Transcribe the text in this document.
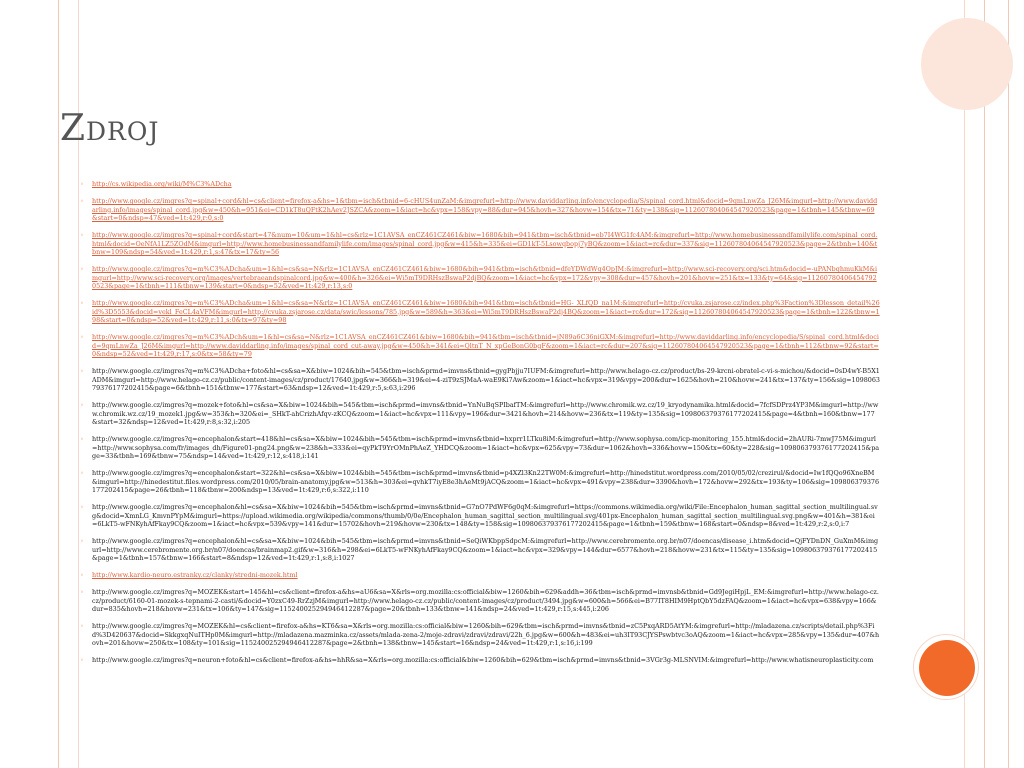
Zdroj
◦ http://cs.wikipedia.org/wiki/M%C3%ADcha
◦ http://www.google.cz/imgres?q=spinal+cord&hl=cs&client=firefox-a&hs=1&tbm=isch&tbnid=6-cHUS4unZaM:&imgrefurl=http://www.daviddarling.info/encyclopedia/S/spinal_cord.html&docid=9qmLnwZa_J26M&imgurl=http://www.daviddarling.info/images/spinal_cord.jpg&w=450&h=951&ei=CD1kT8uQFtK2hAev2JSZCA&zoom=1&iact=hc&vpx=158&vpy=88&dur=945&hovh=327&hovw=154&tx=71&ty=138&sig=112607804064547920523&page=1&tbnh=145&tbnw=69&start=0&ndsp=47&ved=1t:429,r:0,s:0
◦ http://www.google.cz/imgres?q=spinal+cord&start=47&num=10&um=1&hl=cs&rlz=1C1AVSA_enCZ461CZ461&biw=1680&bih=941&tbm=isch&tbnid=eb7I4WG1fc4AM:&imgrefurl=http://www.homebusinessandfamilylife.com/spinal_cord.html&docid=OeNfA1LZ5ZOdM&imgurl=http://www.homebusinessandfamilylife.com/images/spinal_cord.jpg&w=415&h=335&ei=GD1kT-5Lsowqbopj7yBQ&zoom=1&iact=rc&dur=337&sig=112607804064547920523&page=2&tbnh=140&tbnw=109&ndsp=54&ved=1t:429,r:1,s:47&tx=17&ty=56
◦ http://www.google.cz/imgres?q=m%C3%ADcha&um=1&hl=cs&sa=N&rlz=1C1AVSA_enCZ461CZ461&biw=1680&bih=941&tbm=isch&tbnid=dfeYDWdWq4OpJM:&imgrefurl=http://www.sci-recovery.org/sci.htm&docid=-uPANbqhmuKkM&imgurl=http://www.sci-recovery.org/images/vertebraeandspinalcord.jpg&w=400&h=326&ei=Wi5mT9DRHszBswaP2djBQ&zoom=1&iact=hc&vpx=172&vpy=308&dur=457&hovh=201&hovw=251&tx=133&ty=64&sig=112607804064547920523&page=1&tbnh=111&tbnw=139&start=0&ndsp=52&ved=1t:429,r:13,s:0
◦ http://www.google.cz/imgres?q=m%C3%ADcha&um=1&hl=cs&sa=N&rlz=1C1AVSA_enCZ461CZ461&biw=1680&bih=941&tbm=isch&tbnid=HG-_XLfQD_na1M:&imgrefurl=http://cvuka.zsjarose.cz/index.php%3Faction%3Dlesson_detail%26id%3D5553&docid=vekl_FeCL4aVFM&imgurl=http://cvuka.zsjarose.cz/data/swic/lessons/785.jpg&w=589&h=363&ei=Wi5mT9DRHszBswaP2dj4BQ&zoom=1&iact=rc&dur=172&sig=112607804064547920523&page=1&tbnh=122&tbnw=198&start=0&ndsp=52&ved=1t:429,r:11,s:0&tx=97&ty=98
◦ http://www.google.cz/imgres?q=m%C3%ADch&um=1&hl=cs&sa=N&rlz=1C1AVSA_enCZ461CZ461&biw=1680&bih=941&tbm=isch&tbnid=jN89a6C36niGXM:&imgrefurl=http://www.daviddarling.info/encyclopedia/S/spinal_cord.html&docid=9qmLnwZa_J26M&imgurl=http://www.daviddarling.info/images/spinal_cord_cut-away.jpg&w=450&h=341&ei=QltnT_N_xpGeBonG0bgF&zoom=1&iact=rc&dur=207&sig=112607804064547920523&page=1&tbnh=112&tbnw=92&start=0&ndsp=52&ved=1t:429,r:17,s:0&tx=58&ty=79
◦ http://www.google.cz/imgres?q=m%C3%ADcha+foto&hl=cs&sa=X&biw=1024&bih=545&tbm=isch&prmd=imvns&tbnid=gygPbjju7IUFM:&imgrefurl=http://www.helago-cz.cz/product/bs-29-krcni-obratel-c-vi-s-michou/&docid=0sD4wY-B5X1ADM&imgurl=http://www.helago-cz.cz/public/content-images/cz/product/17640.jpg&w=366&h=319&ei=4-ziT9zSJMaA-waE9Ki7Aw&zoom=1&iact=hc&vpx=319&vpy=200&dur=1625&hovh=210&hovw=241&tx=137&ty=156&sig=109806379376177202415&page=6&tbnh=151&tbnw=177&start=63&ndsp=12&ved=1t:429,r:5,s:63,i:296
◦ http://www.google.cz/imgres?q=mozek+foto&hl=cs&sa=X&biw=1024&bih=545&tbm=isch&prmd=imvns&tbnid=YnNuBqSPIbafTM:&imgrefurl=http://www.chromik.wz.cz/19_kryodynamika.html&docid=7fcfSDPrz4YP3M&imgurl=http://www.chromik.wz.cz/19_mozek1.jpg&w=353&h=320&ei=_SHkT-ahCrizhAfqv-zKCQ&zoom=1&iact=hc&vpx=111&vpy=196&dur=3421&hovh=214&hovw=236&tx=119&ty=135&sig=109806379376177202415&page=4&tbnh=160&tbnw=177&start=32&ndsp=12&ved=1t:429,r:8,s:32,i:205
◦ http://www.google.cz/imgres?q=encephalon&start=418&hl=cs&sa=X&biw=1024&bih=545&tbm=isch&prmd=imvns&tbnid=hxprr1LTku8iM:&imgrefurl=http://www.sophysa.com/icp-monitoring_155.html&docid=2hAURi-7mwJ75M&imgurl=http://www.sophysa.com/fr/images_dh/Figure01-png24.png&w=238&h=333&ei=qyPkT9YrOMnPhAeZ_YHDCQ&zoom=1&iact=hc&vpx=625&vpy=73&dur=1062&hovh=336&hovw=150&tx=60&ty=228&sig=109806379376177202415&page=33&tbnh=169&tbnw=75&ndsp=14&ved=1t:429,r:12,s:418,i:141
◦ http://www.google.cz/imgres?q=encephalon&start=322&hl=cs&sa=X&biw=1024&bih=545&tbm=isch&prmd=imvns&tbnid=p4XZl3Kn22TW0M:&imgrefurl=http://hinedstitut.wordpress.com/2010/05/02/crezirul/&docid=Iw1fQQo96XneBM&imgurl=http://hinedestitut.files.wordpress.com/2010/05/brain-anatomy.jpg&w=513&h=303&ei=qvhkT7iyE8e3hAeMt9jACQ&zoom=1&iact=hc&vpx=491&vpy=238&dur=3390&hovh=172&hovw=292&tx=193&ty=106&sig=109806379376177202415&page=26&tbnh=118&tbnw=200&ndsp=13&ved=1t:429,r:6,s:322,i:110
◦ http://www.google.cz/imgres?q=encephalon&hl=cs&sa=X&biw=1024&bih=545&tbm=isch&prmd=imvns&tbnid=G7nO7PdWF6g0qM:&imgrefurl=https://commons.wikimedia.org/wiki/File:Encephalon_human_sagittal_section_multilingual.svg&docid=XmnLG_KmvnPYpM&imgurl=https://upload.wikimedia.org/wikipedia/commons/thumb/0/0e/Encephalon_human_sagittal_section_multilingual.svg/401px-Encephalon_human_sagittal_section_multilingual.svg.png&w=401&h=381&ei=6LkT5-wFNKyhAfFkay9CQ&zoom=1&iact=hc&vpx=539&vpy=141&dur=15702&hovh=219&hovw=230&tx=148&ty=158&sig=109806379376177202415&page=1&tbnh=159&tbnw=168&start=0&ndsp=8&ved=1t:429,r:2,s:0,i:7
◦ http://www.google.cz/imgres?q=encephalon&hl=cs&sa=X&biw=1024&bih=545&tbm=isch&prmd=imvns&tbnid=SeQiWKbppSdpcM:&imgrefurl=http://www.cerebromente.org.br/n07/doencas/disease_i.htm&docid=QjFYDnDN_GuXmM&imgurl=http://www.cerebromente.org.br/n07/doencas/brainmap2.gif&w=316&h=298&ei=6LkT5-wFNKyhAfFkay9CQ&zoom=1&iact=hc&vpx=329&vpy=144&dur=6577&hovh=218&hovw=231&tx=115&ty=135&sig=109806379376177202415&page=1&tbnh=157&tbnw=166&start=8&ndsp=12&ved=1t:429,r:1,s:8,i:1027
◦ http://www.kardio-neuro.estranky.cz/clanky/stredni-mozek.html
◦ http://www.google.cz/imgres?q=MOZEK&start=145&hl=cs&client=firefox-a&hs=aU6&sa=X&rls=org.mozilla:cs:official&biw=1260&bih=629&addh=36&tbm=isch&prmd=imvnsb&tbnid=Gd9JegiHpjL_EM:&imgrefurl=http://www.helago-cz.cz/product/6160-01-mozek-s-tepnami-2-casti/&docid=Y0zxC49-RrZzjM&imgurl=http://www.helago-cz.cz/public/content-images/cz/product/3494.jpg&w=600&h=566&ei=B77IT8HIM9HptQbY5dzFAQ&zoom=1&iact=hc&vpx=638&vpy=166&dur=835&hovh=218&hovw=231&tx=106&ty=147&sig=115240025294946412287&page=20&tbnh=133&tbnw=141&ndsp=24&ved=1t:429,r:15,s:445,i:206
◦ http://www.google.cz/imgres?q=MOZEK&hl=cs&client=firefox-a&hs=KT6&sa=X&rls=org.mozilla:cs:official&biw=1260&bih=629&tbm=isch&prmd=imvns&tbnid=zC5PxqARD5AtYM:&imgrefurl=http://mladazena.cz/scripts/detail.php%3Fid%3D420637&docid=SkkgxqNuITHp0M&imgurl=http://mladazena.mazminka.cz/assets/mlada-zena-2/moje-zdravi/zdravi/zdravi/22h_6.jpg&w=600&h=483&ei=uh3IT93CJYSPswbtvc3oAQ&zoom=1&iact=hc&vpx=285&vpy=135&dur=407&hovh=201&hovw=250&tx=108&ty=101&sig=115240025294946412287&page=2&tbnh=138&tbnw=145&start=16&ndsp=24&ved=1t:429,r:1,s:16,i:199
◦ http://www.google.cz/imgres?q=neuron+foto&hl=cs&client=firefox-a&hs=hhR&sa=X&rls=org.mozilla:cs:official&biw=1260&bih=629&tbm=isch&prmd=imvns&tbnid=3VGr3g-MLSNVIM:&imgrefurl=http://www.whatisneuroplasticity.com
